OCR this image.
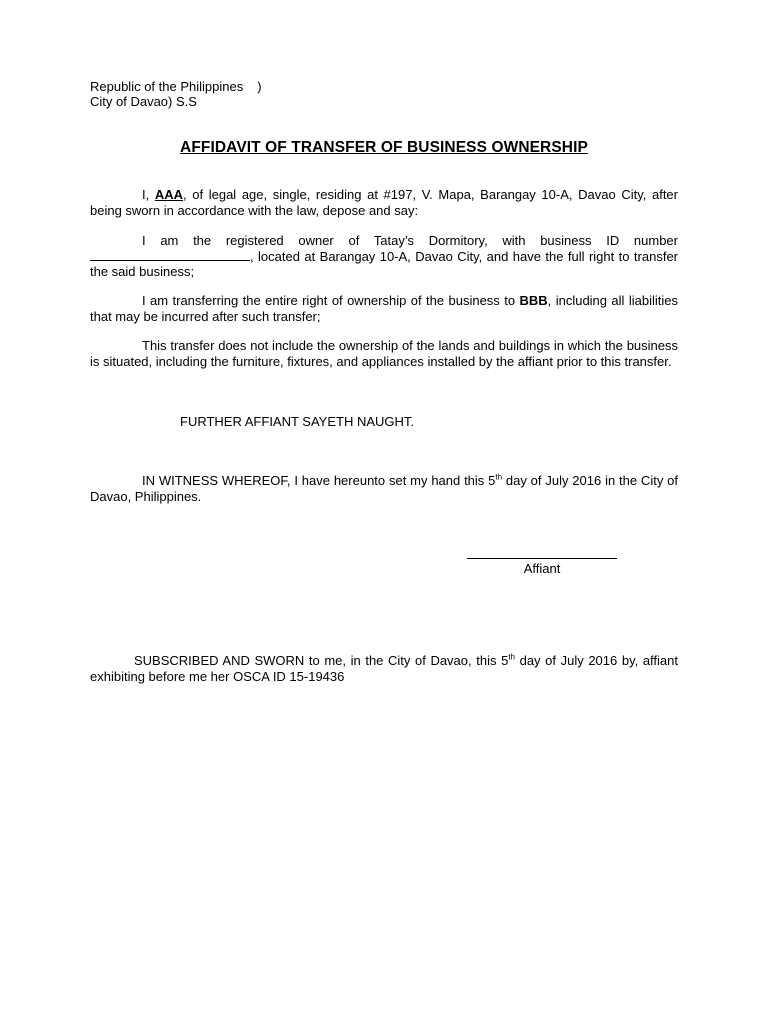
Republic of the Philippines )
City of Davao) S.S
AFFIDAVIT OF TRANSFER OF BUSINESS OWNERSHIP
I, AAA, of legal age, single, residing at #197, V. Mapa, Barangay 10-A, Davao City, after being sworn in accordance with the law, depose and say:
I am the registered owner of Tatay’s Dormitory, with business ID number , located at Barangay 10-A, Davao City, and have the full right to transfer the said business;
I am transferring the entire right of ownership of the business to BBB, including all liabilities that may be incurred after such transfer;
This transfer does not include the ownership of the lands and buildings in which the business is situated, including the furniture, fixtures, and appliances installed by the affiant prior to this transfer.
FURTHER AFFIANT SAYETH NAUGHT.
IN WITNESS WHEREOF, I have hereunto set my hand this 5th day of July 2016 in the City of Davao, Philippines.
Affiant
SUBSCRIBED AND SWORN to me, in the City of Davao, this 5th day of July 2016 by, affiant exhibiting before me her OSCA ID 15-19436
